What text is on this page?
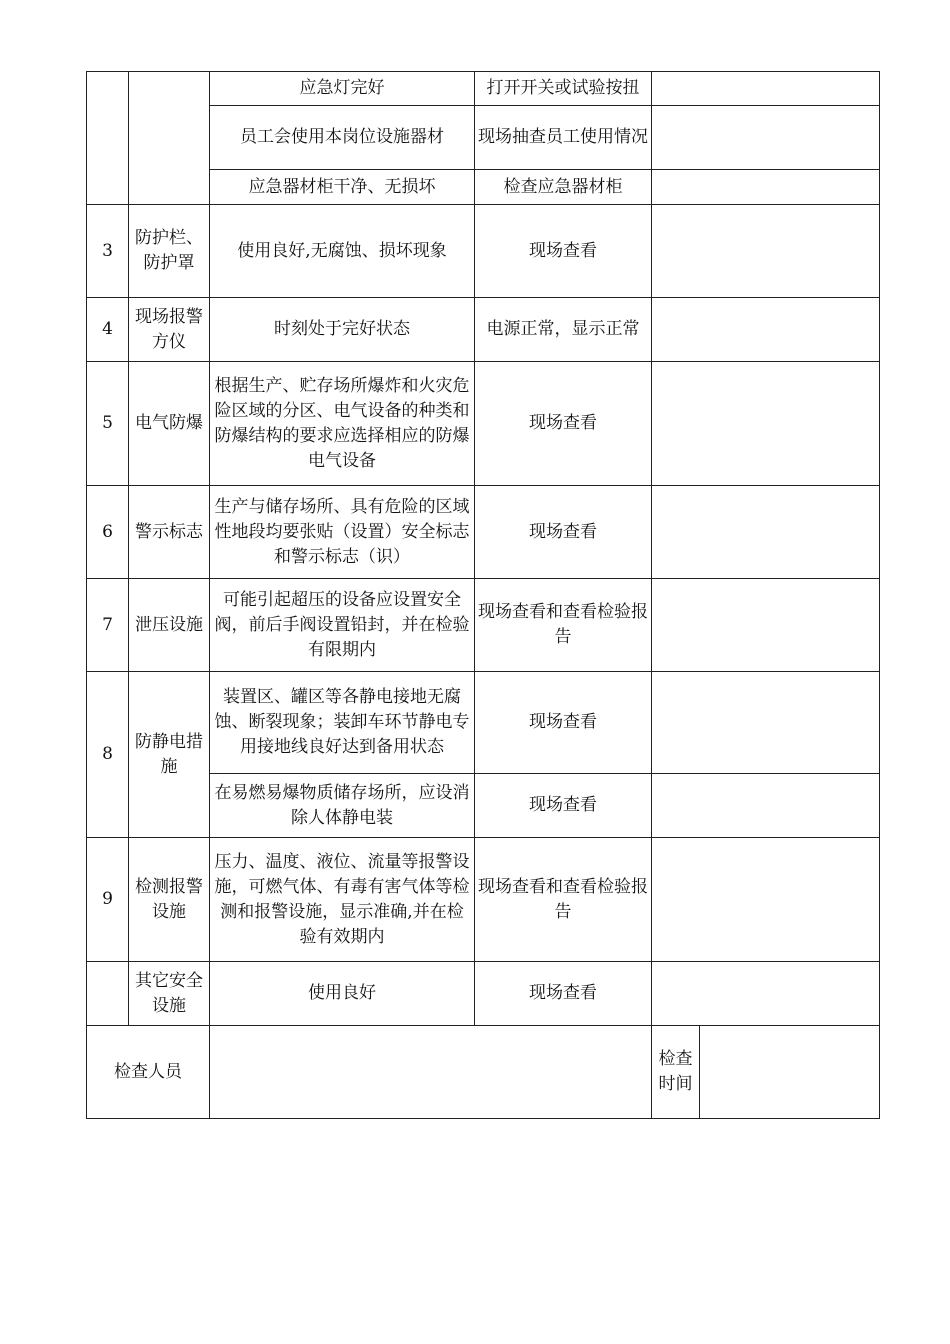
		应急灯完好	打开开关或试验按扭		
		员工会使用本岗位设施器材	现场抽查员工使用情况		
		应急器材柜干净、无损坏	检查应急器材柜		
3	防护栏、防护罩	使用良好,无腐蚀、损坏现象	现场查看		
4	现场报警方仪	时刻处于完好状态	电源正常，显示正常		
5	电气防爆	根据生产、贮存场所爆炸和火灾危险区域的分区、电气设备的种类和防爆结构的要求应选择相应的防爆电气设备	现场查看		
6	警示标志	生产与储存场所、具有危险的区域性地段均要张贴（设置）安全标志和警示标志（识）	现场查看		
7	泄压设施	可能引起超压的设备应设置安全阀，前后手阀设置铅封，并在检验有限期内	现场查看和查看检验报告		
8	防静电措施	装置区、罐区等各静电接地无腐蚀、断裂现象；装卸车环节静电专用接地线良好达到备用状态	现场查看		
		在易燃易爆物质储存场所，应设消除人体静电装	现场查看		
9	检测报警设施	压力、温度、液位、流量等报警设施，可燃气体、有毒有害气体等检测和报警设施，显示准确,并在检验有效期内	现场查看和查看检验报告		
	其它安全设施	使用良好	现场查看		
检查人员				检查时间	
